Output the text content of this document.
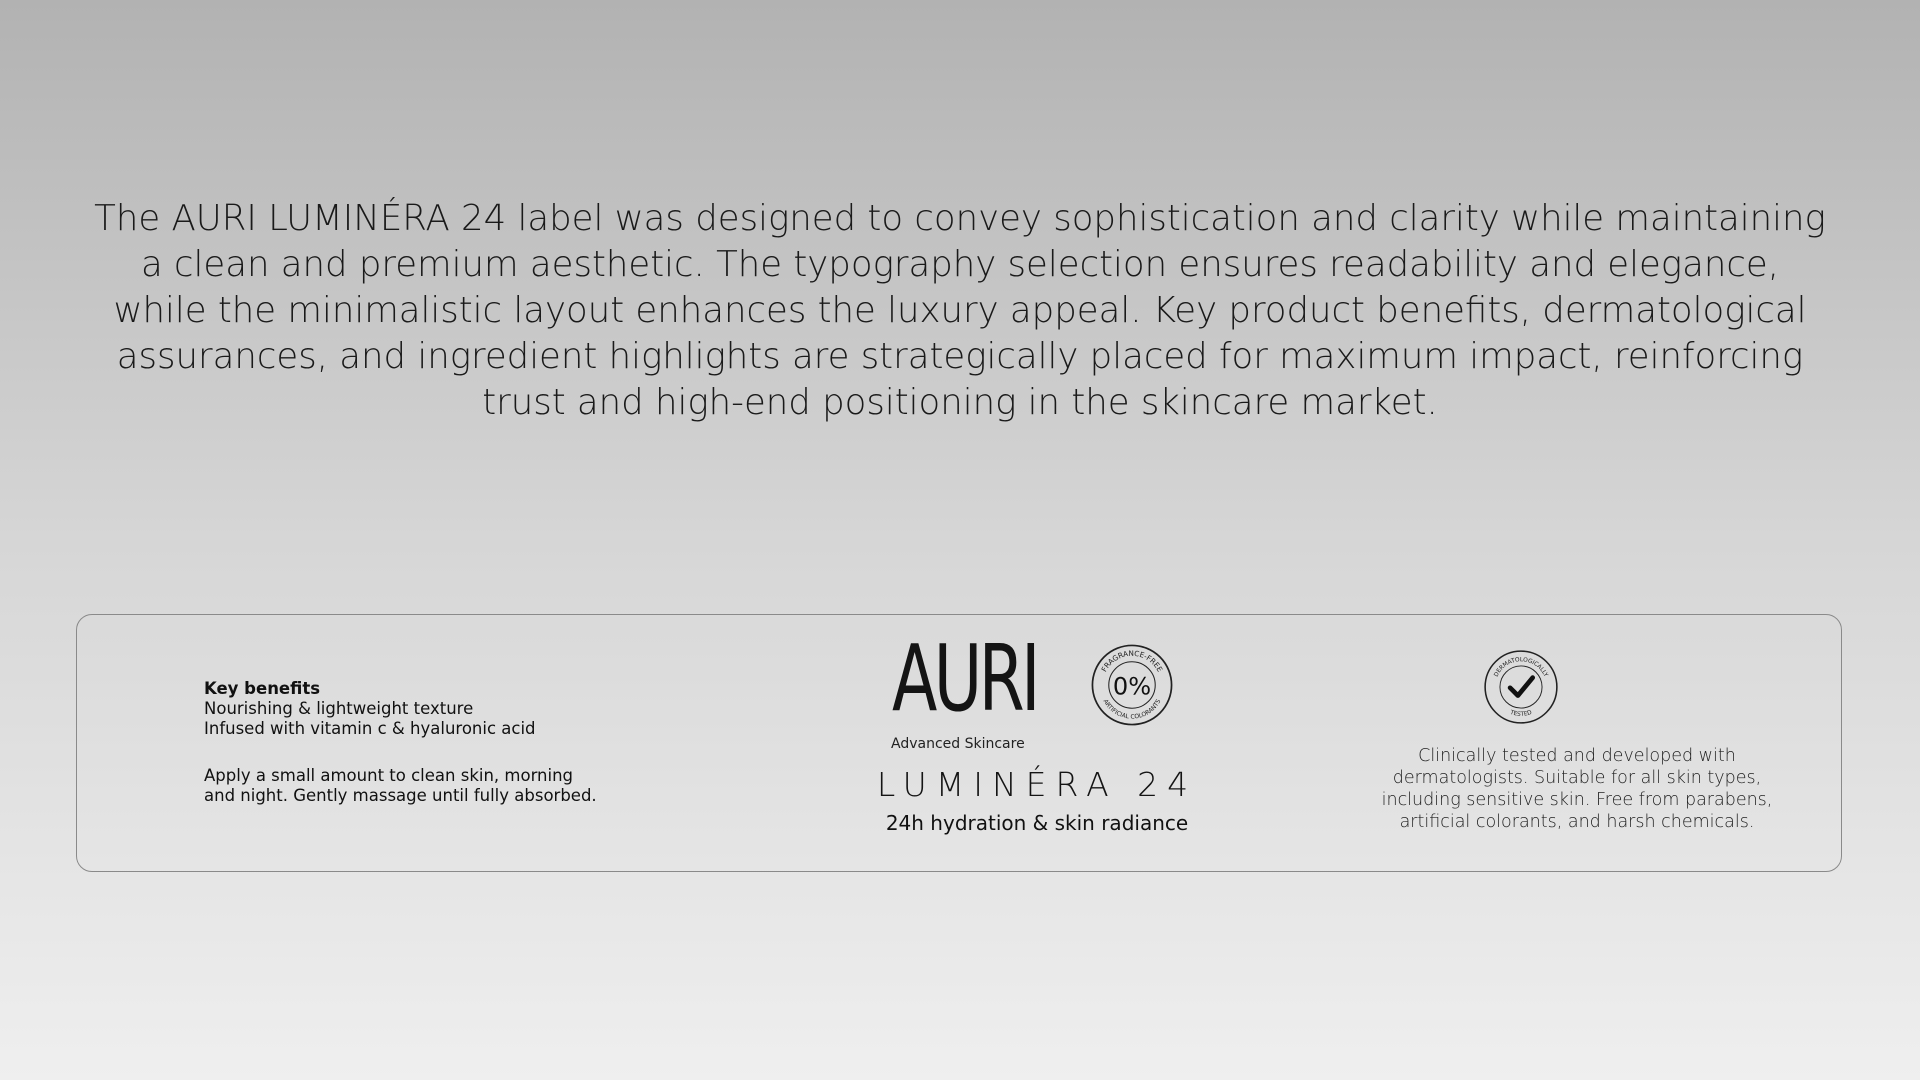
The AURI LUMINÉRA 24 label was designed to convey sophistication and clarity while maintaining a clean and premium aesthetic. The typography selection ensures readability and elegance, while the minimalistic layout enhances the luxury appeal. Key product benefits, dermatological assurances, and ingredient highlights are strategically placed for maximum impact, reinforcing trust and high-end positioning in the skincare market.

Key benefits
Nourishing & lightweight texture
Infused with vitamin c & hyaluronic acid
Apply a small amount to clean skin, morning
and night. Gently massage until fully absorbed.
AURI
Advanced Skincare
LUMINÉRA 24
24h hydration & skin radiance
FRAGRANCE-FREE
ARTIFICIAL COLORANTS
0%	DERMATOLOGICALLY
TESTED
Clinically tested and developed with
dermatologists. Suitable for all skin types,
including sensitive skin. Free from parabens,
artificial colorants, and harsh chemicals.
